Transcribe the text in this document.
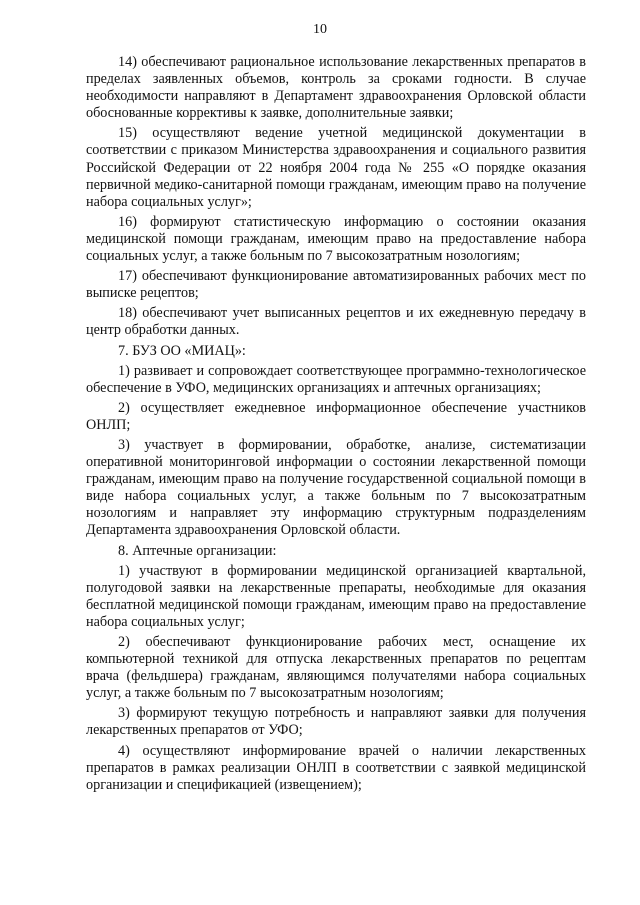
10

14) обеспечивают рациональное использование лекарственных препаратов в пределах заявленных объемов, контроль за сроками годности. В случае необходимости направляют в Департамент здравоохранения Орловской области обоснованные коррективы к заявке, дополнительные заявки;

15) осуществляют ведение учетной медицинской документации в соответствии с приказом Министерства здравоохранения и социального развития Российской Федерации от 22 ноября 2004 года № 255 «О порядке оказания первичной медико-санитарной помощи гражданам, имеющим право на получение набора социальных услуг»;

16) формируют статистическую информацию о состоянии оказания медицинской помощи гражданам, имеющим право на предоставление набора социальных услуг, а также больным по 7 высокозатратным нозологиям;

17) обеспечивают функционирование автоматизированных рабочих мест по выписке рецептов;

18) обеспечивают учет выписанных рецептов и их ежедневную передачу в центр обработки данных.

7. БУЗ ОО «МИАЦ»:

1) развивает и сопровождает соответствующее программно-технологическое обеспечение в УФО, медицинских организациях и аптечных организациях;

2) осуществляет ежедневное информационное обеспечение участников ОНЛП;

3) участвует в формировании, обработке, анализе, систематизации оперативной мониторинговой информации о состоянии лекарственной помощи гражданам, имеющим право на получение государственной социальной помощи в виде набора социальных услуг, а также больным по 7 высокозатратным нозологиям и направляет эту информацию структурным подразделениям Департамента здравоохранения Орловской области.

8. Аптечные организации:

1) участвуют в формировании медицинской организацией квартальной, полугодовой заявки на лекарственные препараты, необходимые для оказания бесплатной медицинской помощи гражданам, имеющим право на предоставление набора социальных услуг;

2) обеспечивают функционирование рабочих мест, оснащение их компьютерной техникой для отпуска лекарственных препаратов по рецептам врача (фельдшера) гражданам, являющимся получателями набора социальных услуг, а также больным по 7 высокозатратным нозологиям;

3) формируют текущую потребность и направляют заявки для получения лекарственных препаратов от УФО;

4) осуществляют информирование врачей о наличии лекарственных препаратов в рамках реализации ОНЛП в соответствии с заявкой медицинской организации и спецификацией (извещением);
